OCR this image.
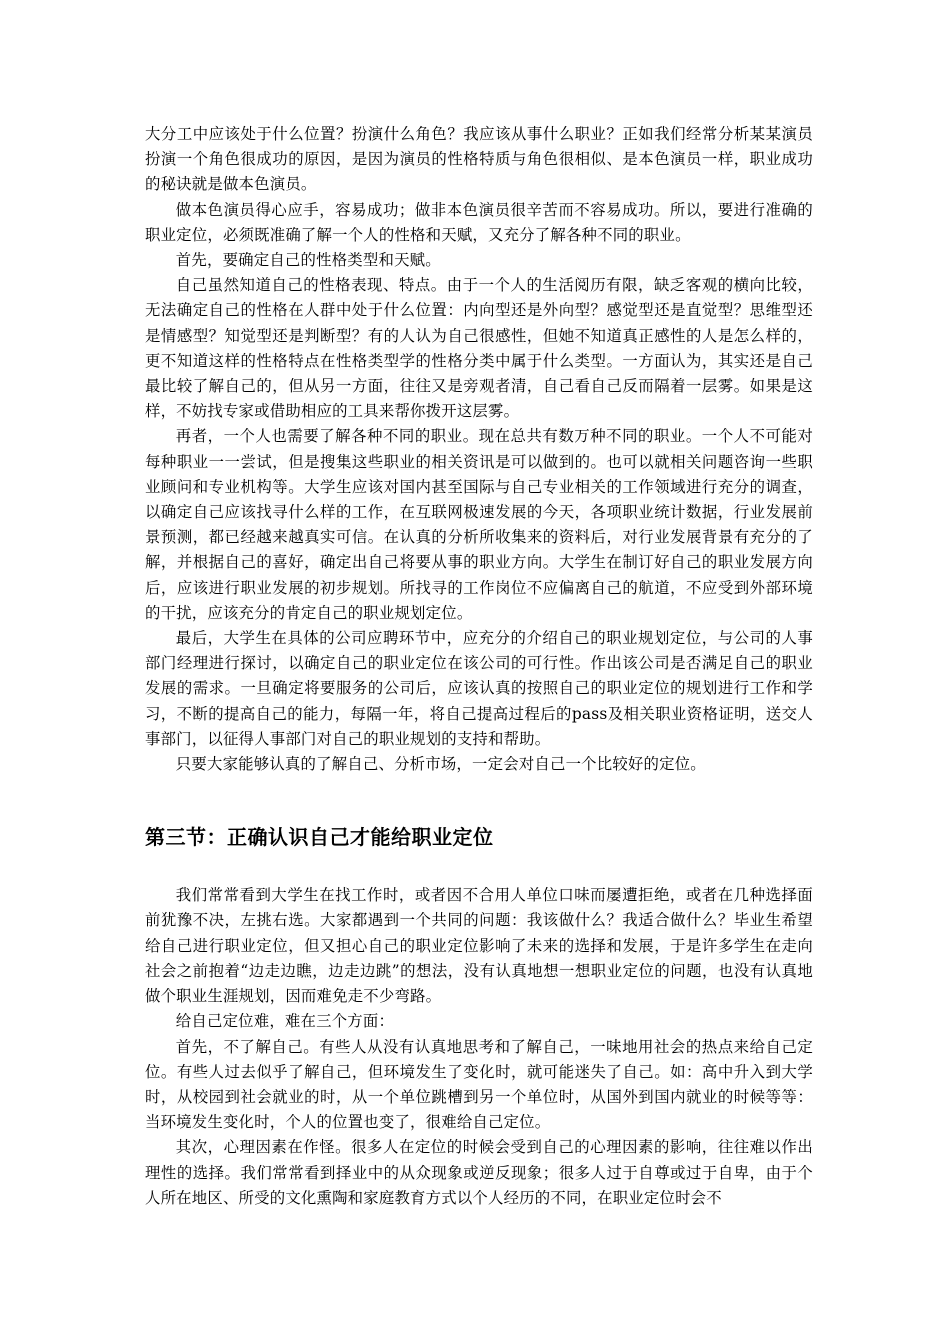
大分工中应该处于什么位置？扮演什么角色？我应该从事什么职业？正如我们经常分析某某演员扮演一个角色很成功的原因，是因为演员的性格特质与角色很相似、是本色演员一样，职业成功的秘诀就是做本色演员。

做本色演员得心应手，容易成功；做非本色演员很辛苦而不容易成功。所以，要进行准确的职业定位，必须既准确了解一个人的性格和天赋，又充分了解各种不同的职业。

首先，要确定自己的性格类型和天赋。

自己虽然知道自己的性格表现、特点。由于一个人的生活阅历有限，缺乏客观的横向比较，无法确定自己的性格在人群中处于什么位置：内向型还是外向型？感觉型还是直觉型？思维型还是情感型？知觉型还是判断型？有的人认为自己很感性，但她不知道真正感性的人是怎么样的，更不知道这样的性格特点在性格类型学的性格分类中属于什么类型。一方面认为，其实还是自己最比较了解自己的，但从另一方面，往往又是旁观者清，自己看自己反而隔着一层雾。如果是这样，不妨找专家或借助相应的工具来帮你拨开这层雾。

再者，一个人也需要了解各种不同的职业。现在总共有数万种不同的职业。一个人不可能对每种职业一一尝试，但是搜集这些职业的相关资讯是可以做到的。也可以就相关问题咨询一些职业顾问和专业机构等。大学生应该对国内甚至国际与自己专业相关的工作领域进行充分的调查，以确定自己应该找寻什么样的工作，在互联网极速发展的今天，各项职业统计数据，行业发展前景预测，都已经越来越真实可信。在认真的分析所收集来的资料后，对行业发展背景有充分的了解，并根据自己的喜好，确定出自己将要从事的职业方向。大学生在制订好自己的职业发展方向后，应该进行职业发展的初步规划。所找寻的工作岗位不应偏离自己的航道，不应受到外部环境的干扰，应该充分的肯定自己的职业规划定位。

最后，大学生在具体的公司应聘环节中，应充分的介绍自己的职业规划定位，与公司的人事部门经理进行探讨，以确定自己的职业定位在该公司的可行性。作出该公司是否满足自己的职业发展的需求。一旦确定将要服务的公司后，应该认真的按照自己的职业定位的规划进行工作和学习，不断的提高自己的能力，每隔一年，将自己提高过程后的pass及相关职业资格证明，送交人事部门，以征得人事部门对自己的职业规划的支持和帮助。

只要大家能够认真的了解自己、分析市场，一定会对自己一个比较好的定位。

第三节：正确认识自己才能给职业定位

我们常常看到大学生在找工作时，或者因不合用人单位口味而屡遭拒绝，或者在几种选择面前犹豫不决，左挑右选。大家都遇到一个共同的问题：我该做什么？我适合做什么？毕业生希望给自己进行职业定位，但又担心自己的职业定位影响了未来的选择和发展，于是许多学生在走向社会之前抱着“边走边瞧，边走边跳”的想法，没有认真地想一想职业定位的问题，也没有认真地做个职业生涯规划，因而难免走不少弯路。

给自己定位难，难在三个方面：

首先，不了解自己。有些人从没有认真地思考和了解自己，一味地用社会的热点来给自己定位。有些人过去似乎了解自己，但环境发生了变化时，就可能迷失了自己。如：高中升入到大学时，从校园到社会就业的时，从一个单位跳槽到另一个单位时，从国外到国内就业的时候等等：当环境发生变化时，个人的位置也变了，很难给自己定位。

其次，心理因素在作怪。很多人在定位的时候会受到自己的心理因素的影响，往往难以作出理性的选择。我们常常看到择业中的从众现象或逆反现象；很多人过于自尊或过于自卑，由于个人所在地区、所受的文化熏陶和家庭教育方式以个人经历的不同，在职业定位时会不
